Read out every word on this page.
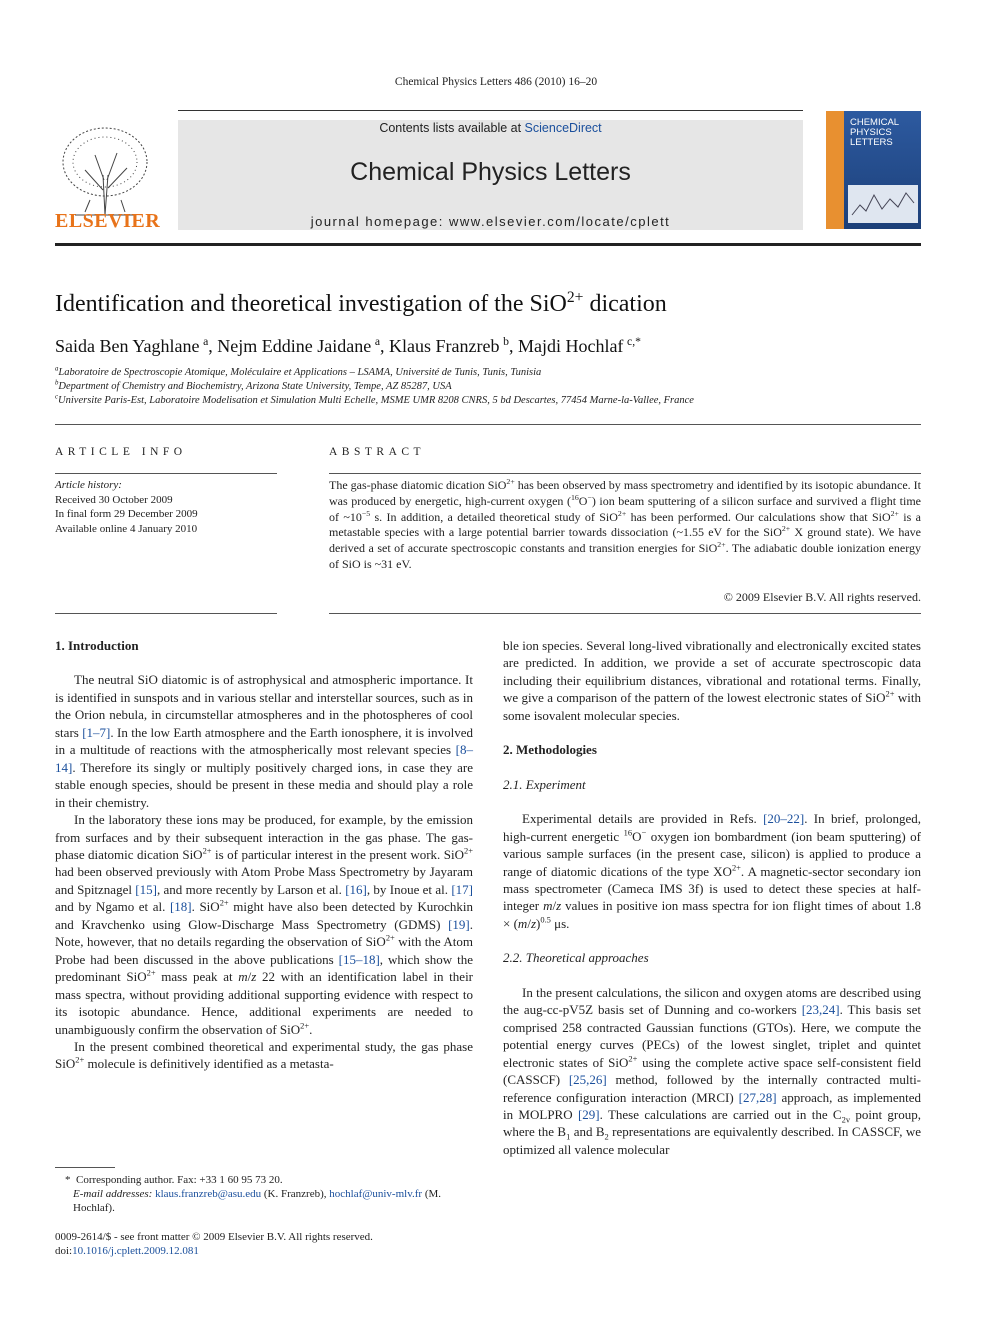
Chemical Physics Letters 486 (2010) 16–20
ELSEVIER
Contents lists available at ScienceDirect
Chemical Physics Letters
journal homepage: www.elsevier.com/locate/cplett
CHEMICAL PHYSICS LETTERS
Identification and theoretical investigation of the SiO$^{2+}$ dication
Saida Ben Yaghlane  $^a$, Nejm Eddine Jaidane  $^a$, Klaus Franzreb  $^b$, Majdi Hochlaf  $^{c,*}$
$^a$Laboratoire de Spectroscopie Atomique, Moléculaire et Applications – LSAMA, Université de Tunis, Tunis, Tunisia
$^b$Department of Chemistry and Biochemistry, Arizona State University, Tempe, AZ 85287, USA
$^c$Universite Paris-Est, Laboratoire Modelisation et Simulation Multi Echelle, MSME UMR 8208 CNRS, 5 bd Descartes, 77454 Marne-la-Vallee, France
ARTICLE INFO
Article history:
Received 30 October 2009
In final form 29 December 2009
Available online 4 January 2010
ABSTRACT
The gas-phase diatomic dication SiO$^{2+}$ has been observed by mass spectrometry and identified by its isotopic abundance. It was produced by energetic, high-current oxygen ($^{16}$O−) ion beam sputtering of a silicon surface and survived a flight time of $\sim 10^{-5}$ s. In addition, a detailed theoretical study of SiO$^{2+}$ has been performed. Our calculations show that SiO$^{2+}$ is a metastable species with a large potential barrier towards dissociation (~1.55 eV for the SiO$^{2+}$ X ground state). We have derived a set of accurate spectroscopic constants and transition energies for SiO$^{2+}$. The adiabatic double ionization energy of SiO is ~31 eV.
© 2009 Elsevier B.V. All rights reserved.
1. Introduction

The neutral SiO diatomic is of astrophysical and atmospheric importance. It is identified in sunspots and in various stellar and interstellar sources, such as in the Orion nebula, in circumstellar atmospheres and in the photospheres of cool stars [1–7]. In the low Earth atmosphere and the Earth ionosphere, it is involved in a multitude of reactions with the atmospherically most relevant species [8–14]. Therefore its singly or multiply positively charged ions, in case they are stable enough species, should be present in these media and should play a role in their chemistry.

In the laboratory these ions may be produced, for example, by the emission from surfaces and by their subsequent interaction in the gas phase. The gas-phase diatomic dication SiO$^{2+}$ is of particular interest in the present work. SiO$^{2+}$ had been observed previously with Atom Probe Mass Spectrometry by Jayaram and Spitznagel [15], and more recently by Larson et al. [16], by Inoue et al. [17] and by Ngamo et al. [18]. SiO$^{2+}$ might have also been detected by Kurochkin and Kravchenko using Glow-Discharge Mass Spectrometry (GDMS) [19]. Note, however, that no details regarding the observation of SiO$^{2+}$ with the Atom Probe had been discussed in the above publications [15–18], which show the predominant SiO$^{2+}$ mass peak at m/z 22 with an identification label in their mass spectra, without providing additional supporting evidence with respect to its isotopic abundance. Hence, additional experiments are needed to unambiguously confirm the observation of SiO$^{2+}$.

In the present combined theoretical and experimental study, the gas phase SiO$^{2+}$ molecule is definitively identified as a metasta-

ble ion species. Several long-lived vibrationally and electronically excited states are predicted. In addition, we provide a set of accurate spectroscopic data including their equilibrium distances, vibrational and rotational terms. Finally, we give a comparison of the pattern of the lowest electronic states of SiO$^{2+}$ with some isovalent molecular species.

2. Methodologies
2.1. Experiment

Experimental details are provided in Refs. [20–22]. In brief, prolonged, high-current energetic $^{16}$O− oxygen ion bombardment (ion beam sputtering) of various sample surfaces (in the present case, silicon) is applied to produce a range of diatomic dications of the type $XO^{2+}$. A magnetic-sector secondary ion mass spectrometer (Cameca IMS 3f) is used to detect these species at half-integer m/z values in positive ion mass spectra for ion flight times of about $1.8 \times (m/z)^{0.5}$ μs.

2.2. Theoretical approaches

In the present calculations, the silicon and oxygen atoms are described using the aug-cc-pV5Z basis set of Dunning and co-workers [23,24]. This basis set comprised 258 contracted Gaussian functions (GTOs). Here, we compute the potential energy curves (PECs) of the lowest singlet, triplet and quintet electronic states of SiO$^{2+}$ using the complete active space self-consistent field (CASSCF) [25,26] method, followed by the internally contracted multi-reference configuration interaction (MRCI) [27,28] approach, as implemented in MOLPRO [29]. These calculations are carried out in the $C_{2v}$ point group, where the $B_1$ and $B_2$ representations are equivalently described. In CASSCF, we optimized all valence molecular

*  Corresponding author. Fax: +33 1 60 95 73 20.
E-mail addresses: klaus.franzreb@asu.edu (K. Franzreb), hochlaf@univ-mlv.fr (M. Hochlaf).
0009-2614/$ - see front matter © 2009 Elsevier B.V. All rights reserved.
doi:10.1016/j.cplett.2009.12.081
